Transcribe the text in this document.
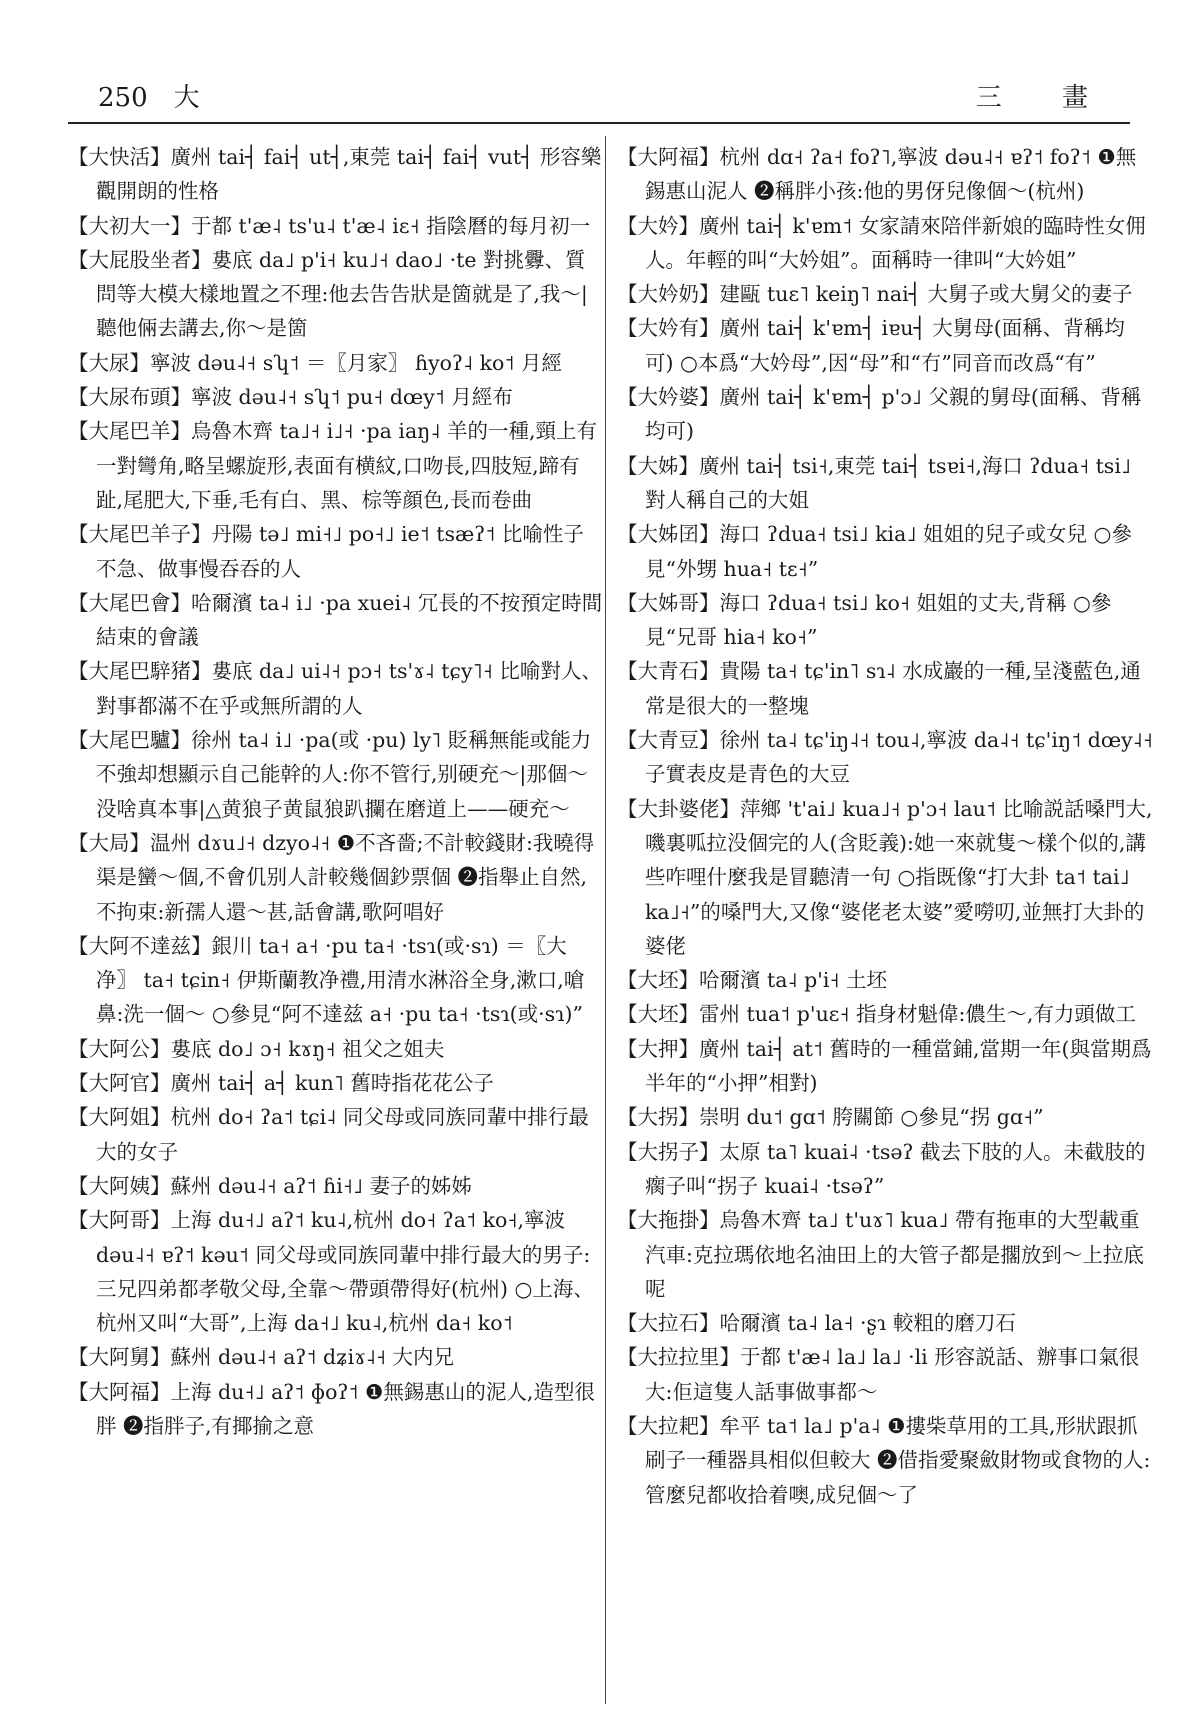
250 大	三 畫

【大快活】廣州 tai┤ fai┤ ut┤,東莞 tai┤ fai┤ vut┤ 形容樂觀開朗的性格

【大初大一】于都 t'æ˨ ts'u˨ t'æ˨ iɛ˧ 指陰曆的每月初一

【大屁股坐者】婁底 da˩ p'i˧ ku˩˧ dao˩ ·te 對挑釁、質問等大模大樣地置之不理:他去告告狀是箇就是了,我～|聽他倆去講去,你～是箇

【大尿】寧波 dəu˨˧ sʮ˦ ＝〖月家〗 ɦyoʔ˨ ko˦ 月經

【大尿布頭】寧波 dəu˨˧ sʮ˦ pu˧ dœy˦ 月經布

【大尾巴羊】烏魯木齊 ta˩˧ i˩˧ ·pa iaŋ˨ 羊的一種,頸上有一對彎角,略呈螺旋形,表面有横紋,口吻長,四肢短,蹄有趾,尾肥大,下垂,毛有白、黑、棕等顔色,長而卷曲

【大尾巴羊子】丹陽 tə˩ mi˧˩ po˧˩ ie˦ tsæʔ˦ 比喻性子不急、做事慢吞吞的人

【大尾巴會】哈爾濱 ta˨ i˩ ·pa xuei˨ 冗長的不按預定時間結束的會議

【大尾巴騂猪】婁底 da˩ ui˨˧ pɔ˧ ts'ɤ˨ tɕy˥˧ 比喻對人、對事都滿不在乎或無所謂的人

【大尾巴驢】徐州 ta˨ i˩ ·pa(或 ·pu) ly˥ 貶稱無能或能力不強却想顯示自己能幹的人:你不管行,别硬充～|那個～没啥真本事|△黄狼子黄鼠狼趴攔在磨道上——硬充～

【大局】温州 dɤu˩˧ dzyo˨˧ ❶不吝嗇;不計較錢財:我曉得渠是蠻～個,不會仉别人計較幾個鈔票個 ❷指舉止自然,不拘束:新孺人還～甚,話會講,歌阿唱好

【大阿不達兹】銀川 ta˧ a˧ ·pu ta˧ ·tsɿ(或·sɿ) ＝〖大净〗 ta˧ tɕin˧ 伊斯蘭教净禮,用清水淋浴全身,漱口,嗆鼻:洗一個～ ○參見“阿不達兹 a˧ ·pu ta˧ ·tsɿ(或·sɿ)”

【大阿公】婁底 do˩ ɔ˧ kɤŋ˧ 祖父之姐夫

【大阿官】廣州 tai┤ a┤ kun˥ 舊時指花花公子

【大阿姐】杭州 do˧ ʔa˦ tɕi˨ 同父母或同族同輩中排行最大的女子

【大阿姨】蘇州 dəu˨˧ aʔ˦ ɦi˧˩ 妻子的姊姊

【大阿哥】上海 du˧˩ aʔ˦ ku˨,杭州 do˧ ʔa˦ ko˧,寧波 dəu˨˧ ɐʔ˦ kəu˦ 同父母或同族同輩中排行最大的男子:三兄四弟都孝敬父母,全靠～帶頭帶得好(杭州) ○上海、杭州又叫“大哥”,上海 da˧˩ ku˨,杭州 da˧ ko˦

【大阿舅】蘇州 dəu˨˧ aʔ˦ dʑiɤ˨˧ 大内兄

【大阿福】上海 du˧˩ aʔ˦ ɸoʔ˦ ❶無錫惠山的泥人,造型很胖 ❷指胖子,有揶揄之意

【大阿福】杭州 dɑ˧ ʔa˧ foʔ˥,寧波 dəu˨˧ ɐʔ˦ foʔ˦ ❶無錫惠山泥人 ❷稱胖小孩:他的男伢兒像個～(杭州)

【大妗】廣州 tai┤ k'ɐm˦ 女家請來陪伴新娘的臨時性女佣人。年輕的叫“大妗姐”。面稱時一律叫“大妗姐”

【大妗奶】建甌 tuɛ˥ keiŋ˥ nai┤ 大舅子或大舅父的妻子

【大妗有】廣州 tai┤ k'ɐm┤ iɐu┤ 大舅母(面稱、背稱均可) ○本爲“大妗母”,因“母”和“冇”同音而改爲“有”

【大妗婆】廣州 tai┤ k'ɐm┤ p'ɔ˩ 父親的舅母(面稱、背稱均可)

【大姊】廣州 tai┤ tsi˧,東莞 tai┤ tsɐi˧,海口 ʔdua˧ tsi˩ 對人稱自己的大姐

【大姊囝】海口 ʔdua˧ tsi˩ kia˩ 姐姐的兒子或女兒 ○參見“外甥 hua˧ tɛ˧”

【大姊哥】海口 ʔdua˧ tsi˩ ko˧ 姐姐的丈夫,背稱 ○參見“兄哥 hia˧ ko˧”

【大青石】貴陽 ta˧ tɕ'in˥ sɿ˨ 水成巖的一種,呈淺藍色,通常是很大的一整塊

【大青豆】徐州 ta˨ tɕ'iŋ˨˧ tou˨,寧波 da˨˧ tɕ'iŋ˦ dœy˨˧ 子實表皮是青色的大豆

【大卦婆佬】萍鄉 't'ai˩ kua˩˧ p'ɔ˧ lau˦ 比喻説話嗓門大,嘰裏呱拉没個完的人(含貶義):她一來就隻～樣个似的,講些咋哩什麼我是冒聽清一句 ○指既像“打大卦 ta˦ tai˩ ka˩˧”的嗓門大,又像“婆佬老太婆”愛嘮叨,並無打大卦的婆佬

【大坯】哈爾濱 ta˨ p'i˧ 土坯

【大坯】雷州 tua˦ p'uɛ˧ 指身材魁偉:儂生～,有力頭做工

【大押】廣州 tai┤ at˦ 舊時的一種當鋪,當期一年(與當期爲半年的“小押”相對)

【大拐】崇明 du˦ gɑ˦ 胯關節 ○參見“拐 gɑ˧”

【大拐子】太原 ta˥ kuai˨ ·tsəʔ 截去下肢的人。未截肢的瘸子叫“拐子 kuai˨ ·tsəʔ”

【大拖掛】烏魯木齊 ta˩ t'uɤ˥ kua˩ 帶有拖車的大型載重汽車:克拉瑪依地名油田上的大管子都是擱放到～上拉底呢

【大拉石】哈爾濱 ta˨ la˧ ·ʂɿ 較粗的磨刀石

【大拉拉里】于都 t'æ˨ la˩ la˩ ·li 形容説話、辦事口氣很大:佢這隻人話事做事都～

【大拉耙】牟平 ta˦ la˩ p'a˨ ❶摟柴草用的工具,形狀跟抓刷子一種器具相似但較大 ❷借指愛聚斂財物或食物的人:管麼兒都收拾着噢,成兒個～了
